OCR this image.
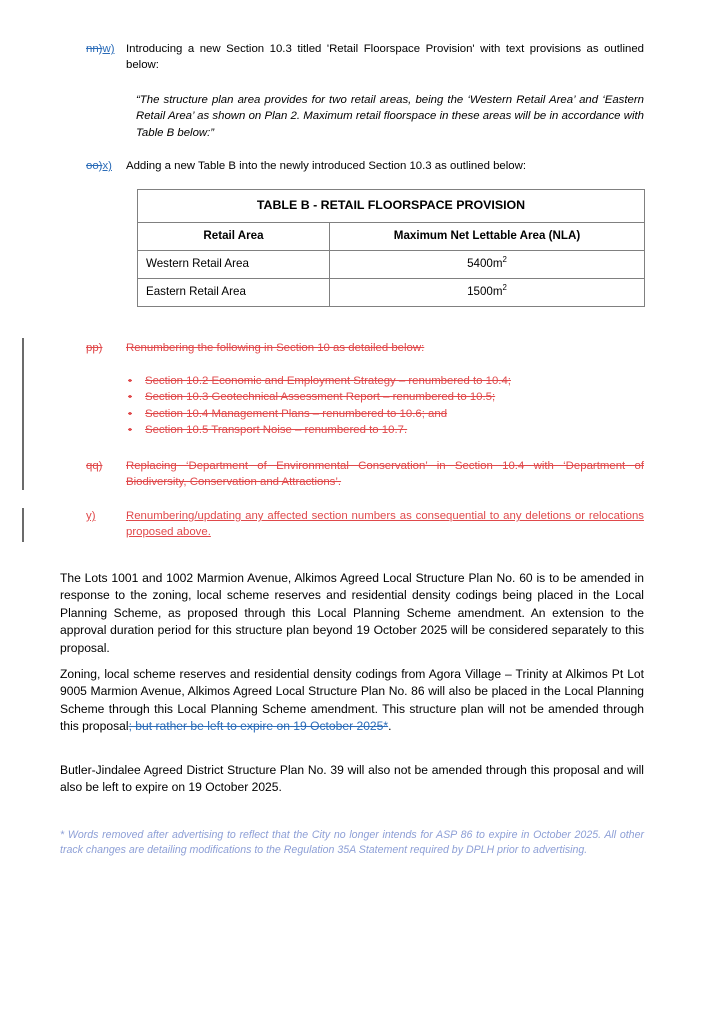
nn)w) Introducing a new Section 10.3 titled 'Retail Floorspace Provision' with text provisions as outlined below:
“The structure plan area provides for two retail areas, being the ‘Western Retail Area’ and ‘Eastern Retail Area’ as shown on Plan 2. Maximum retail floorspace in these areas will be in accordance with Table B below:”
oo)x) Adding a new Table B into the newly introduced Section 10.3 as outlined below:
TABLE B - RETAIL FLOORSPACE PROVISION	
Retail Area	Maximum Net Lettable Area (NLA)
Western Retail Area	$5400m^2$
Eastern Retail Area	$1500m^2$
pp) Renumbering the following in Section 10 as detailed below:
• Section 10.2 Economic and Employment Strategy – renumbered to 10.4;
• Section 10.3 Geotechnical Assessment Report – renumbered to 10.5;
• Section 10.4 Management Plans – renumbered to 10.6; and
• Section 10.5 Transport Noise – renumbered to 10.7.
qq) Replacing ‘Department of Environmental Conservation’ in Section 10.4 with ‘Department of Biodiversity, Conservation and Attractions’.
y)	Renumbering/updating any affected section numbers as consequential to any deletions or relocations proposed above.
The Lots 1001 and 1002 Marmion Avenue, Alkimos Agreed Local Structure Plan No. 60 is to be amended in response to the zoning, local scheme reserves and residential density codings being placed in the Local Planning Scheme, as proposed through this Local Planning Scheme amendment. An extension to the approval duration period for this structure plan beyond 19 October 2025 will be considered separately to this proposal.
Zoning, local scheme reserves and residential density codings from Agora Village – Trinity at Alkimos Pt Lot 9005 Marmion Avenue, Alkimos Agreed Local Structure Plan No. 86 will also be placed in the Local Planning Scheme through this Local Planning Scheme amendment. This structure plan will not be amended through this proposal; but rather be left to expire on 19 October 2025*.
Butler-Jindalee Agreed District Structure Plan No. 39 will also not be amended through this proposal and will also be left to expire on 19 October 2025.
* Words removed after advertising to reflect that the City no longer intends for ASP 86 to expire in October 2025. All other track changes are detailing modifications to the Regulation 35A Statement required by DPLH prior to advertising.
